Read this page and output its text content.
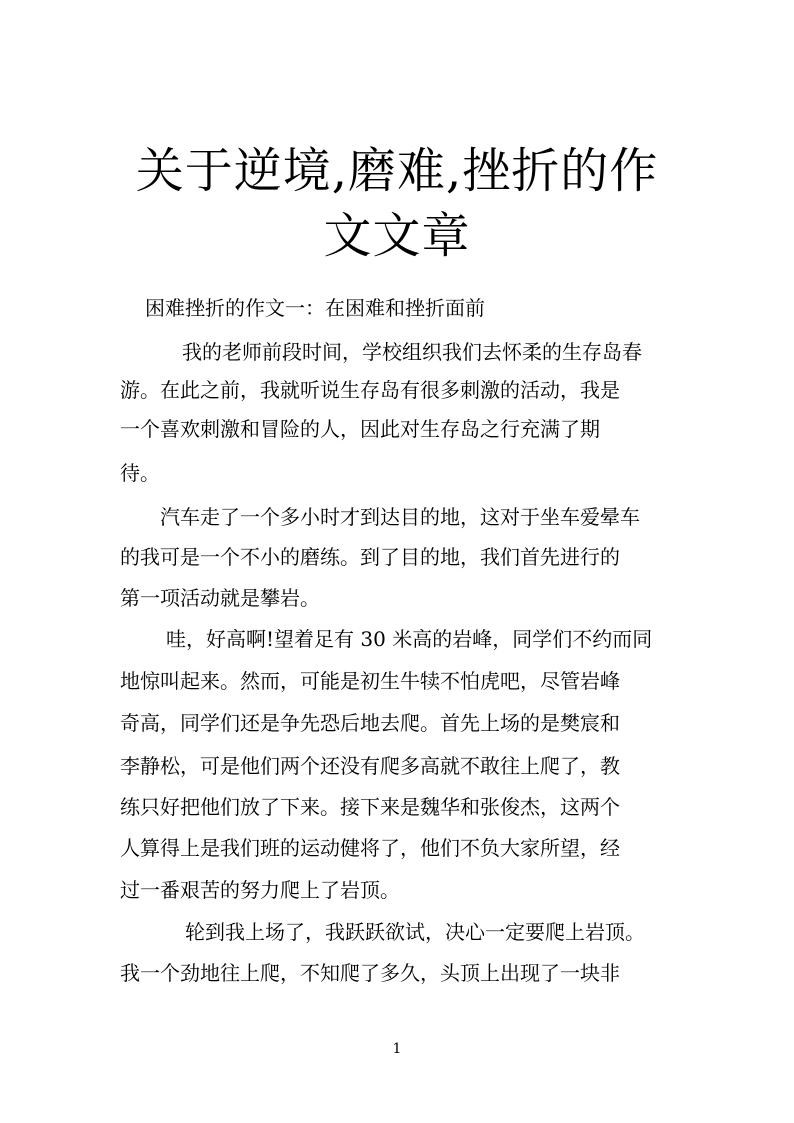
关于逆境,磨难,挫折的作
文文章
困难挫折的作文一：在困难和挫折面前
我的老师前段时间，学校组织我们去怀柔的生存岛春
游。在此之前，我就听说生存岛有很多刺激的活动，我是
一个喜欢刺激和冒险的人，因此对生存岛之行充满了期
待。
汽车走了一个多小时才到达目的地，这对于坐车爱晕车
的我可是一个不小的磨练。到了目的地，我们首先进行的
第一项活动就是攀岩。
哇，好高啊!望着足有 30 米高的岩峰，同学们不约而同
地惊叫起来。然而，可能是初生牛犊不怕虎吧，尽管岩峰
奇高，同学们还是争先恐后地去爬。首先上场的是樊宸和
李静松，可是他们两个还没有爬多高就不敢往上爬了，教
练只好把他们放了下来。接下来是魏华和张俊杰，这两个
人算得上是我们班的运动健将了，他们不负大家所望，经
过一番艰苦的努力爬上了岩顶。
轮到我上场了，我跃跃欲试，决心一定要爬上岩顶。
我一个劲地往上爬，不知爬了多久，头顶上出现了一块非
1
